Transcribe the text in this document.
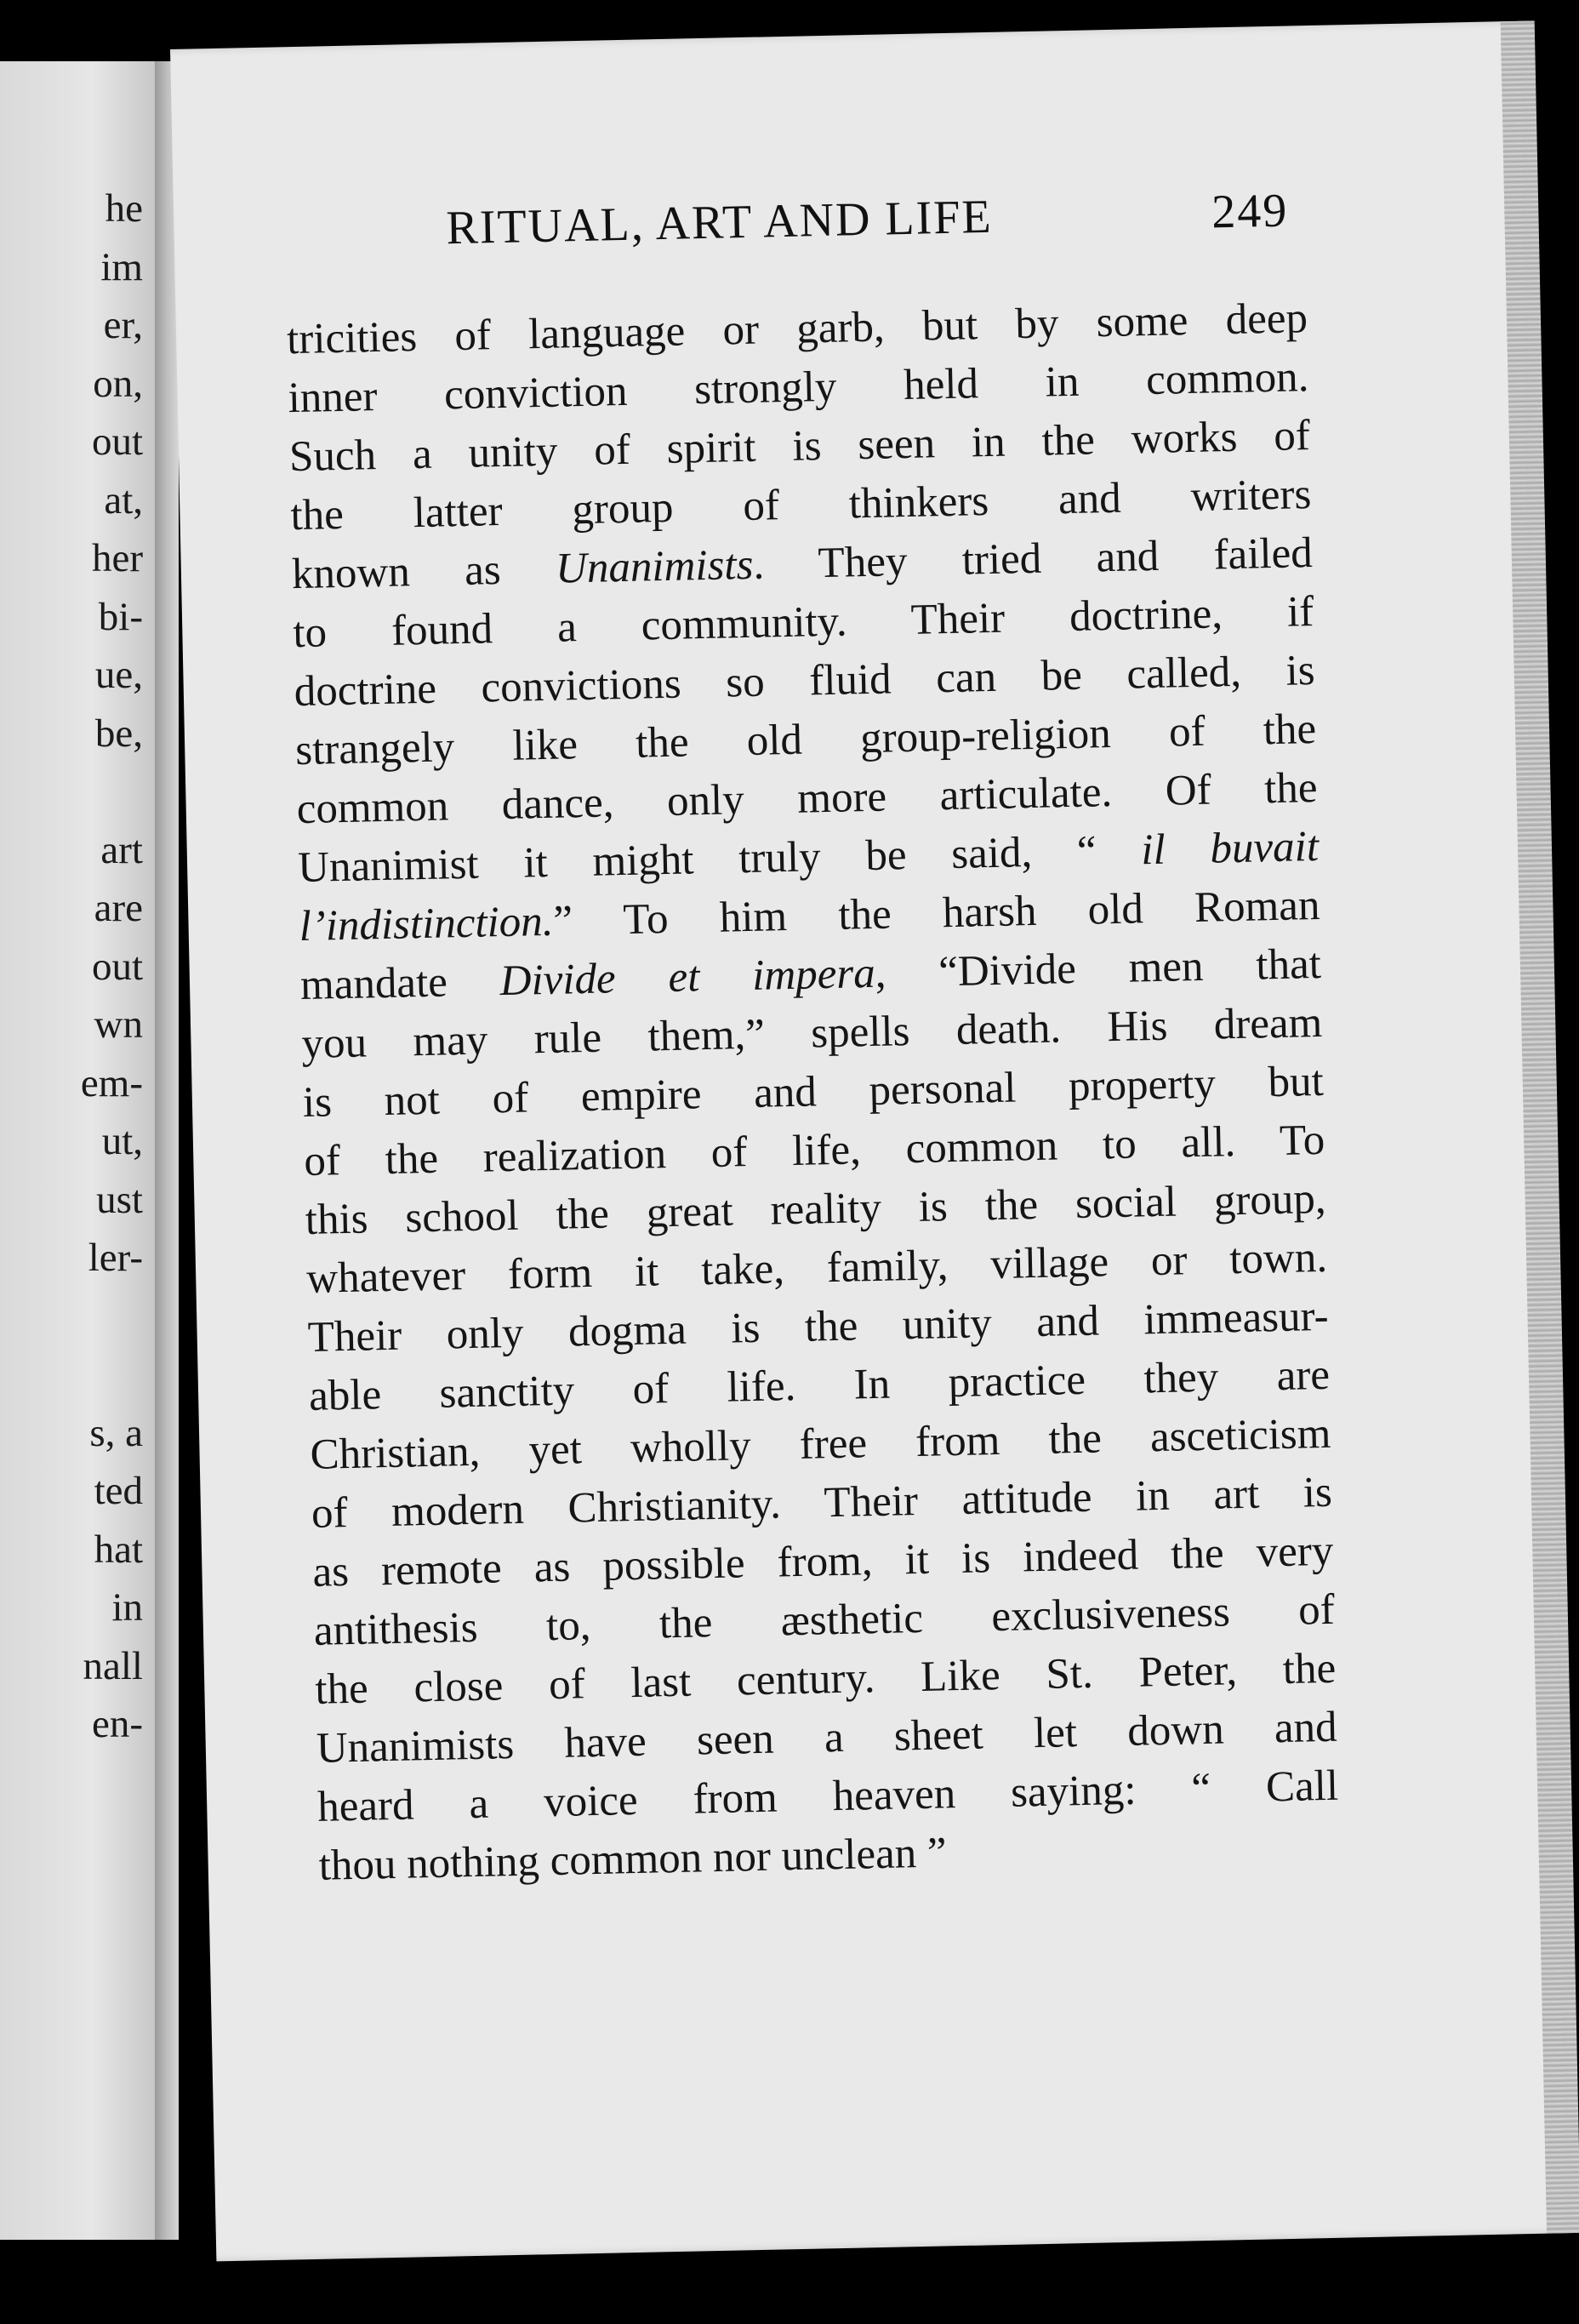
he
im
er,
on,
out
at,
her
bi-
ue,
be,
art
are
out
wn
em-
ut,
ust
ler-
s, a
ted
hat
in
nall
en-
RITUAL, ART AND LIFE	249
tricities of language or garb, but by some deep
inner conviction strongly held in common.
Such a unity of spirit is seen in the works of
the latter group of thinkers and writers
known as Unanimists. They tried and failed
to found a community. Their doctrine, if
doctrine convictions so fluid can be called, is
strangely like the old group-religion of the
common dance, only more articulate. Of the
Unanimist it might truly be said, “ il buvait
l’indistinction.” To him the harsh old Roman
mandate Divide et impera, “Divide men that
you may rule them,” spells death. His dream
is not of empire and personal property but
of the realization of life, common to all. To
this school the great reality is the social group,
whatever form it take, family, village or town.
Their only dogma is the unity and immeasur-
able sanctity of life. In practice they are
Christian, yet wholly free from the asceticism
of modern Christianity. Their attitude in art is
as remote as possible from, it is indeed the very
antithesis to, the æsthetic exclusiveness of
the close of last century. Like St. Peter, the
Unanimists have seen a sheet let down and
heard a voice from heaven saying: “ Call
thou nothing common nor unclean ”
